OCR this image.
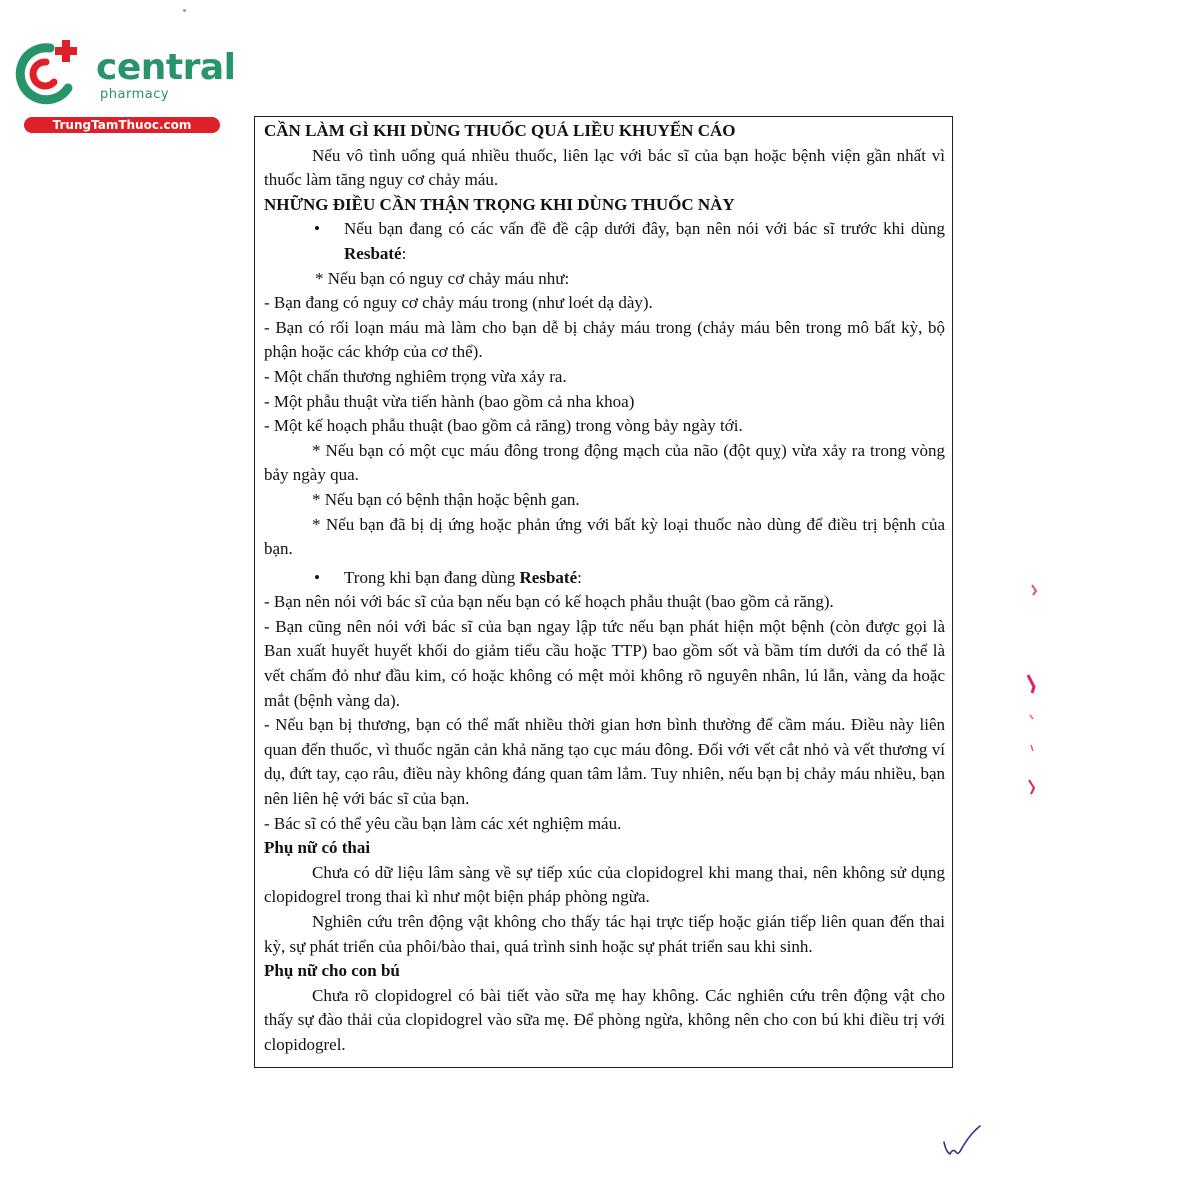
central
pharmacy
TrungTamThuoc.com	CẦN LÀM GÌ KHI DÙNG THUỐC QUÁ LIỀU KHUYẾN CÁO

Nếu vô tình uống quá nhiều thuốc, liên lạc với bác sĩ của bạn hoặc bệnh viện gần nhất vì thuốc làm tăng nguy cơ chảy máu.

NHỮNG ĐIỀU CẦN THẬN TRỌNG KHI DÙNG THUỐC NÀY

• Nếu bạn đang có các vấn đề đề cập dưới đây, bạn nên nói với bác sĩ trước khi dùng Resbaté:

* Nếu bạn có nguy cơ chảy máu như:

- Bạn đang có nguy cơ chảy máu trong (như loét dạ dày).

- Bạn có rối loạn máu mà làm cho bạn dễ bị chảy máu trong (chảy máu bên trong mô bất kỳ, bộ phận hoặc các khớp của cơ thể).

- Một chấn thương nghiêm trọng vừa xảy ra.

- Một phẫu thuật vừa tiến hành (bao gồm cả nha khoa)

- Một kế hoạch phẫu thuật (bao gồm cả răng) trong vòng bảy ngày tới.

* Nếu bạn có một cục máu đông trong động mạch của não (đột quỵ) vừa xảy ra trong vòng bảy ngày qua.

* Nếu bạn có bệnh thận hoặc bệnh gan.

* Nếu bạn đã bị dị ứng hoặc phản ứng với bất kỳ loại thuốc nào dùng để điều trị bệnh của bạn.

• Trong khi bạn đang dùng Resbaté:

- Bạn nên nói với bác sĩ của bạn nếu bạn có kế hoạch phẫu thuật (bao gồm cả răng).

- Bạn cũng nên nói với bác sĩ của bạn ngay lập tức nếu bạn phát hiện một bệnh (còn được gọi là Ban xuất huyết huyết khối do giảm tiểu cầu hoặc TTP) bao gồm sốt và bầm tím dưới da có thể là vết chấm đỏ như đầu kim, có hoặc không có mệt mỏi không rõ nguyên nhân, lú lẫn, vàng da hoặc mắt (bệnh vàng da).

- Nếu bạn bị thương, bạn có thể mất nhiều thời gian hơn bình thường để cầm máu. Điều này liên quan đến thuốc, vì thuốc ngăn cản khả năng tạo cục máu đông. Đối với vết cắt nhỏ và vết thương ví dụ, đứt tay, cạo râu, điều này không đáng quan tâm lắm. Tuy nhiên, nếu bạn bị chảy máu nhiều, bạn nên liên hệ với bác sĩ của bạn.

- Bác sĩ có thể yêu cầu bạn làm các xét nghiệm máu.

Phụ nữ có thai

Chưa có dữ liệu lâm sàng về sự tiếp xúc của clopidogrel khi mang thai, nên không sử dụng clopidogrel trong thai kì như một biện pháp phòng ngừa.

Nghiên cứu trên động vật không cho thấy tác hại trực tiếp hoặc gián tiếp liên quan đến thai kỳ, sự phát triển của phôi/bào thai, quá trình sinh hoặc sự phát triển sau khi sinh.

Phụ nữ cho con bú

Chưa rõ clopidogrel có bài tiết vào sữa mẹ hay không. Các nghiên cứu trên động vật cho thấy sự đào thải của clopidogrel vào sữa mẹ. Để phòng ngừa, không nên cho con bú khi điều trị với clopidogrel.
